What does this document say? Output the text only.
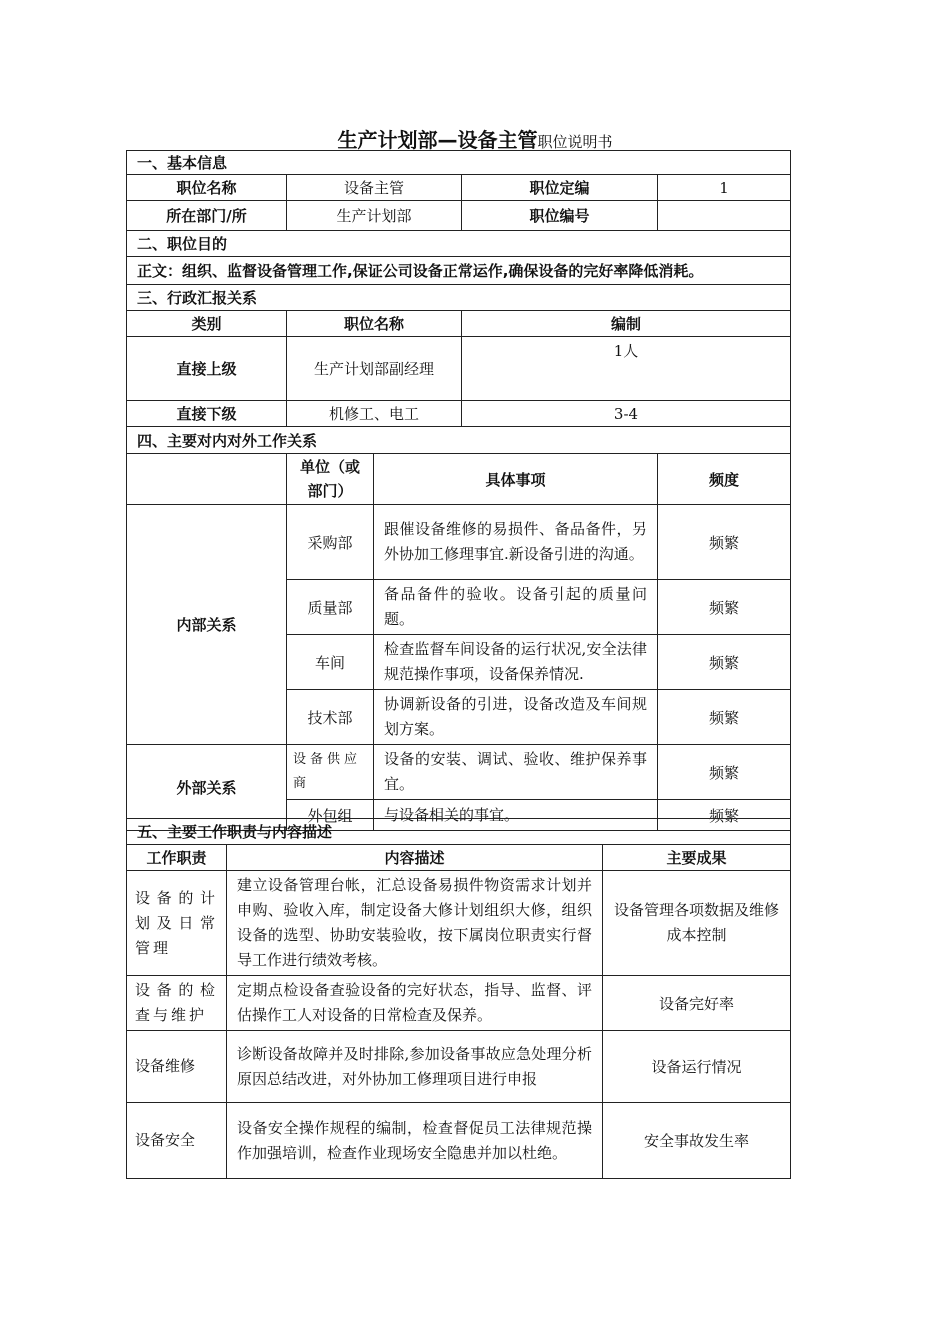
生产计划部—设备主管职位说明书
一、基本信息			
职位名称	设备主管	职位定编	1
所在部门/所	生产计划部	职位编号	
二、职位目的			
正文：组织、监督设备管理工作,保证公司设备正常运作,确保设备的完好率降低消耗。			
三、行政汇报关系			
类别	职位名称	编制	
直接上级	生产计划部副经理	1人	
直接下级	机修工、电工	3-4	
四、主要对内对外工作关系			
	单位（或部门）	具体事项	频度
内部关系	采购部	跟催设备维修的易损件、备品备件，另外协加工修理事宜.新设备引进的沟通。	频繁
	质量部	备品备件的验收。设备引起的质量问题。	频繁
	车间	检查监督车间设备的运行状况,安全法律规范操作事项，设备保养情况.	频繁
	技术部	协调新设备的引进，设备改造及车间规划方案。	频繁
外部关系	设备供应商	设备的安装、调试、验收、维护保养事宜。	频繁
	外包组	与设备相关的事宜。	频繁
五、主要工作职责与内容描述		
工作职责	内容描述	主要成果
设备的计划及日常管理	建立设备管理台帐，汇总设备易损件物资需求计划并申购、验收入库，制定设备大修计划组织大修，组织设备的选型、协助安装验收，按下属岗位职责实行督导工作进行绩效考核。	设备管理各项数据及维修成本控制
设备的检查与维护	定期点检设备查验设备的完好状态，指导、监督、评估操作工人对设备的日常检查及保养。	设备完好率
设备维修	诊断设备故障并及时排除,参加设备事故应急处理分析原因总结改进，对外协加工修理项目进行申报	设备运行情况
设备安全	设备安全操作规程的编制，检查督促员工法律规范操作加强培训，检查作业现场安全隐患并加以杜绝。	安全事故发生率
